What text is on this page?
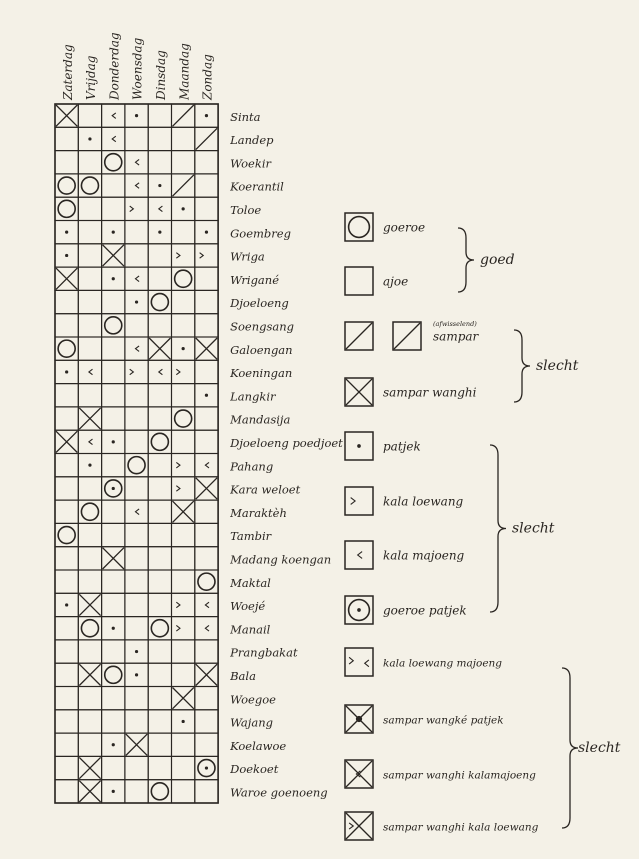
Zaterdag Vrijdag Donderdag Woensdag Dinsdag Maandag Zondag
Sinta
Landep
Woekir
Koerantil
Toloe
Goembreg
Wriga
Wrigané
Djoeloeng
Soengsang
Galoengan
Koeningan
Langkir
Mandasija
Djoeloeng poedjoet
Pahang
Kara weloet
Maraktèh
Tambir
Madang koengan
Maktal
Woejé
Manail
Prangbakat
Bala
Woegoe
Wajang
Koelawoe
Doekoet
Waroe goenoeng
goeroe
ajoe
(afwisselend)
sampar
sampar wanghi
patjek
kala loewang
kala majoeng
goeroe patjek
kala loewang majoeng
sampar wangké patjek
sampar wanghi kalamajoeng
sampar wanghi kala loewang
goed
slecht
slecht
slecht
